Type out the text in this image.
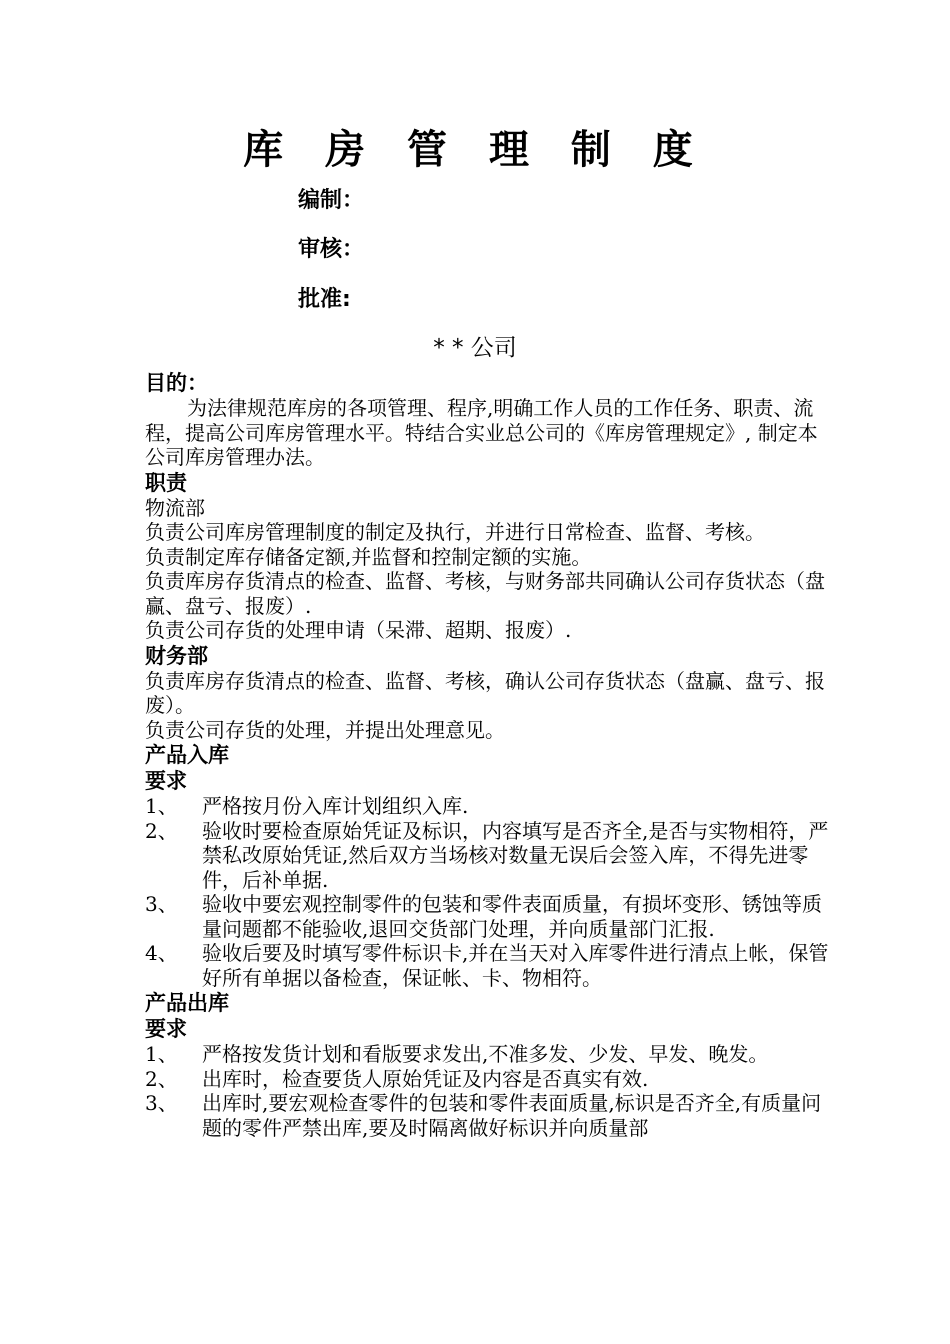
库 房 管 理 制 度
编制：
审核：
批准:
* * 公司

目的：

为法律规范库房的各项管理、程序,明确工作人员的工作任务、职责、流程，提高公司库房管理水平。特结合实业总公司的《库房管理规定》, 制定本公司库房管理办法。

职责

物流部

负责公司库房管理制度的制定及执行，并进行日常检查、监督、考核。

负责制定库存储备定额,并监督和控制定额的实施。

负责库房存货清点的检查、监督、考核，与财务部共同确认公司存货状态（盘赢、盘亏、报废）.

负责公司存货的处理申请（呆滞、超期、报废）.

财务部

负责库房存货清点的检查、监督、考核，确认公司存货状态（盘赢、盘亏、报废）。

负责公司存货的处理，并提出处理意见。

产品入库

要求

1、	严格按月份入库计划组织入库.
2、	验收时要检查原始凭证及标识，内容填写是否齐全,是否与实物相符，严禁私改原始凭证,然后双方当场核对数量无误后会签入库，不得先进零件，后补单据.
3、	验收中要宏观控制零件的包装和零件表面质量，有损坏变形、锈蚀等质量问题都不能验收,退回交货部门处理，并向质量部门汇报.
4、	验收后要及时填写零件标识卡,并在当天对入库零件进行清点上帐，保管好所有单据以备检查，保证帐、卡、物相符。

产品出库

要求

1、	严格按发货计划和看版要求发出,不准多发、少发、早发、晚发。
2、	出库时，检查要货人原始凭证及内容是否真实有效.
3、	出库时,要宏观检查零件的包装和零件表面质量,标识是否齐全,有质量问题的零件严禁出库,要及时隔离做好标识并向质量部
